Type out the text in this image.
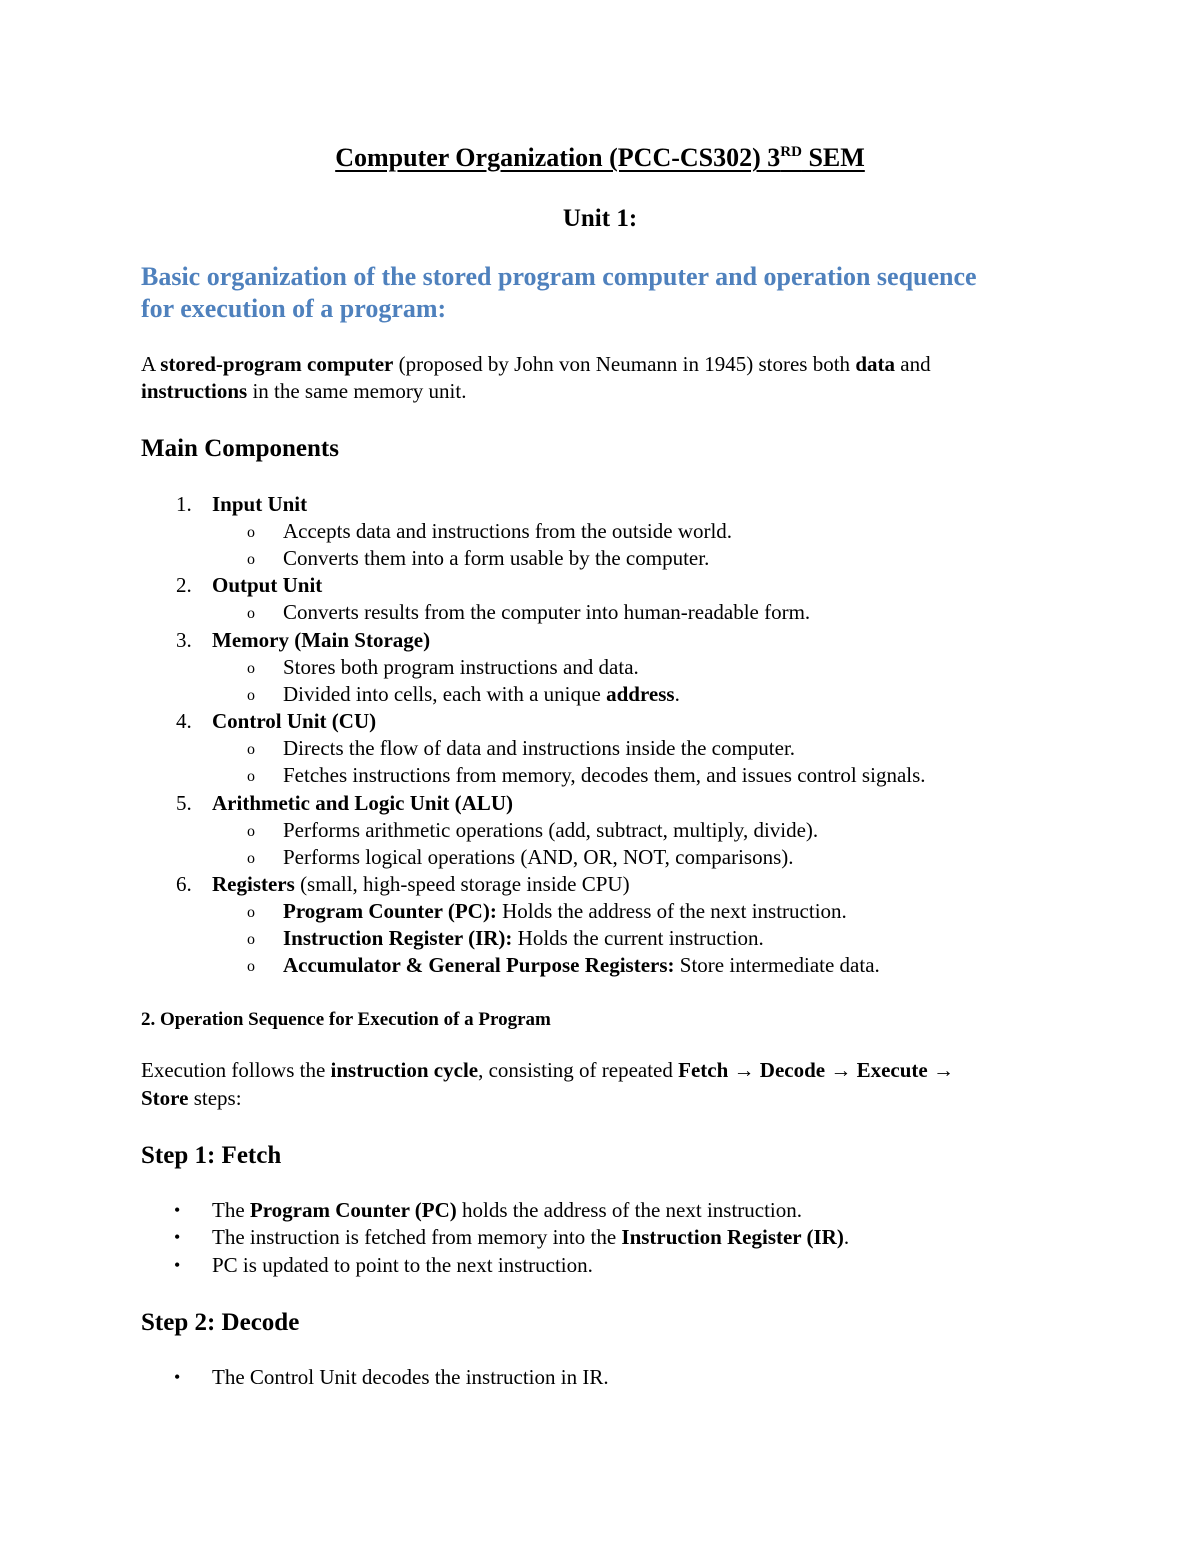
Computer Organization (PCC-CS302) 3RD SEM
Unit 1:
Basic organization of the stored program computer and operation sequence
for execution of a program:
A stored-program computer (proposed by John von Neumann in 1945) stores both data and
instructions in the same memory unit.
Main Components
1. Input Unit
o Accepts data and instructions from the outside world.
o Converts them into a form usable by the computer.
2. Output Unit
o Converts results from the computer into human-readable form.
3. Memory (Main Storage)
o Stores both program instructions and data.
o Divided into cells, each with a unique address.
4. Control Unit (CU)
o Directs the flow of data and instructions inside the computer.
o Fetches instructions from memory, decodes them, and issues control signals.
5. Arithmetic and Logic Unit (ALU)
o Performs arithmetic operations (add, subtract, multiply, divide).
o Performs logical operations (AND, OR, NOT, comparisons).
6. Registers (small, high-speed storage inside CPU)
o Program Counter (PC): Holds the address of the next instruction.
o Instruction Register (IR): Holds the current instruction.
o Accumulator & General Purpose Registers: Store intermediate data.
2. Operation Sequence for Execution of a Program
Execution follows the instruction cycle, consisting of repeated Fetch → Decode → Execute →
Store steps:
Step 1: Fetch
• The Program Counter (PC) holds the address of the next instruction.
• The instruction is fetched from memory into the Instruction Register (IR).
• PC is updated to point to the next instruction.
Step 2: Decode
• The Control Unit decodes the instruction in IR.
